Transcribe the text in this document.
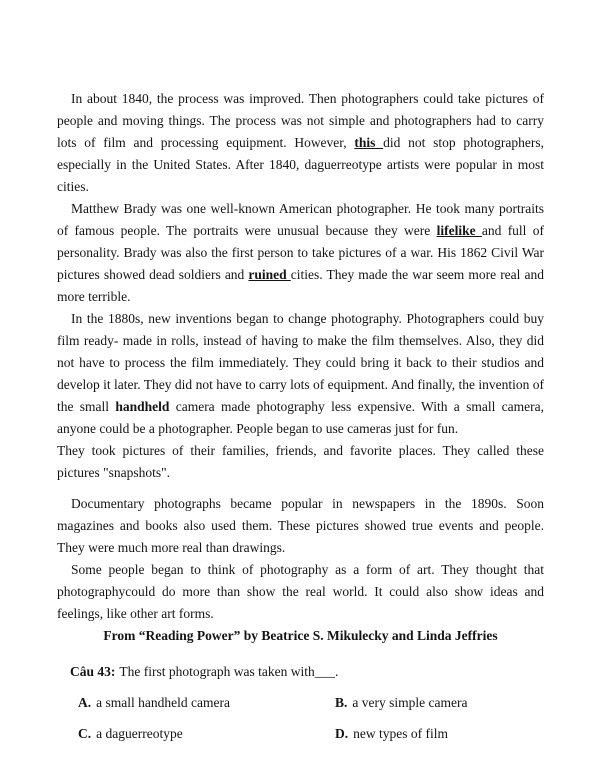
In about 1840, the process was improved. Then photographers could take pictures of people and moving things. The process was not simple and photographers had to carry lots of film and processing equipment. However, this did not stop photographers, especially in the United States. After 1840, daguerreotype artists were popular in most cities.

Matthew Brady was one well-known American photographer. He took many portraits of famous people. The portraits were unusual because they were lifelike and full of personality. Brady was also the first person to take pictures of a war. His 1862 Civil War pictures showed dead soldiers and ruined cities. They made the war seem more real and more terrible.

In the 1880s, new inventions began to change photography. Photographers could buy film ready- made in rolls, instead of having to make the film themselves. Also, they did not have to process the film immediately. They could bring it back to their studios and develop it later. They did not have to carry lots of equipment. And finally, the invention of the small handheld camera made photography less expensive. With a small camera, anyone could be a photographer. People began to use cameras just for fun.

They took pictures of their families, friends, and favorite places. They called these pictures "snapshots".

Documentary photographs became popular in newspapers in the 1890s. Soon magazines and books also used them. These pictures showed true events and people. They were much more real than drawings.

Some people began to think of photography as a form of art. They thought that photographycould do more than show the real world. It could also show ideas and feelings, like other art forms.

From “Reading Power” by Beatrice S. Mikulecky and Linda Jeffries

Câu 43: The first photograph was taken with___.
A. a small handheld camera	B. a very simple camera
C. a daguerreotype	D. new types of film
